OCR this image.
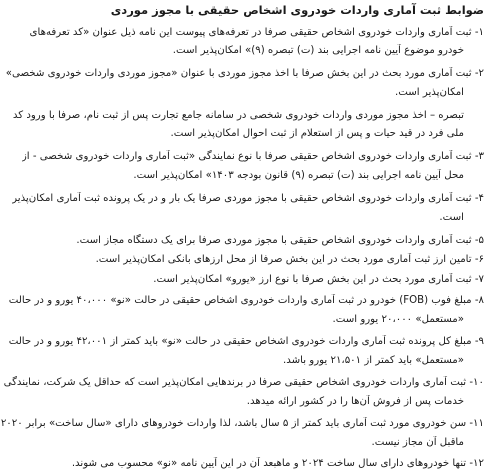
ضوابط ثبت آماری واردات خودروی اشخاص حقیقی با مجوز موردی
۱- ثبت آماری واردات خودروی اشخاص حقیقی صرفا در تعرفه‌های پیوست این نامه ذیل عنوان «کد تعرفه‌های
خودرو موضوع آیین نامه اجرایی بند (ت) تبصره (۹)» امکان‌پذیر است.
۲- ثبت آماری مورد بحث در این بخش صرفا با اخذ مجوز موردی با عنوان «مجوز موردی واردات خودروی شخصی»
امکان‌پذیر است.
تبصره – اخذ مجوز موردی واردات خودروی شخصی در سامانه جامع تجارت پس از ثبت نام، صرفا با ورود کد
ملی فرد در قید حیات و پس از استعلام از ثبت احوال امکان‌پذیر است.
۳- ثبت آماری واردات خودروی اشخاص حقیقی صرفا با نوع نمایندگی «ثبت آماری واردات خودروی شخصی - از
محل آیین نامه اجرایی بند (ت) تبصره (۹) قانون بودجه ۱۴۰۳» امکان‌پذیر است.
۴- ثبت آماری واردات خودروی اشخاص حقیقی با مجوز موردی صرفا یک بار و در یک پرونده ثبت آماری امکان‌پذیر
است.
۵- ثبت آماری واردات خودروی اشخاص حقیقی با مجوز موردی صرفا برای یک دستگاه مجاز است.
۶- تامین ارز ثبت آماری مورد بحث در این بخش صرفا از محل ارزهای بانکی امکان‌پذیر است.
۷- ثبت آماری مورد بحث در این بخش صرفا با نوع ارز «یورو» امکان‌پذیر است.
۸- مبلغ فوب (FOB) خودرو در ثبت آماری واردات خودروی اشخاص حقیقی در حالت «نو» ۴۰،۰۰۰ یورو و در حالت
«مستعمل» ۲۰،۰۰۰ یورو است.
۹- مبلغ کل پرونده ثبت آماری واردات خودروی اشخاص حقیقی در حالت «نو» باید کمتر از ۴۲،۰۰۱ یورو و در حالت
«مستعمل» باید کمتر از ۲۱،۵۰۱ یورو باشد.
۱۰- ثبت آماری واردات خودروی اشخاص حقیقی صرفا در برندهایی امکان‌پذیر است که حداقل یک شرکت، نمایندگی
خدمات پس از فروش آن‌ها را در کشور ارائه میدهد.
۱۱- سن خودروی مورد ثبت آماری باید کمتر از ۵ سال باشد، لذا واردات خودروهای دارای «سال ساخت» برابر ۲۰۲۰
ماقبل آن مجاز نیست.
۱۲- تنها خودروهای دارای سال ساخت ۲۰۲۴ و ماهبعد آن در این آیین نامه «نو» محسوب می شوند.
